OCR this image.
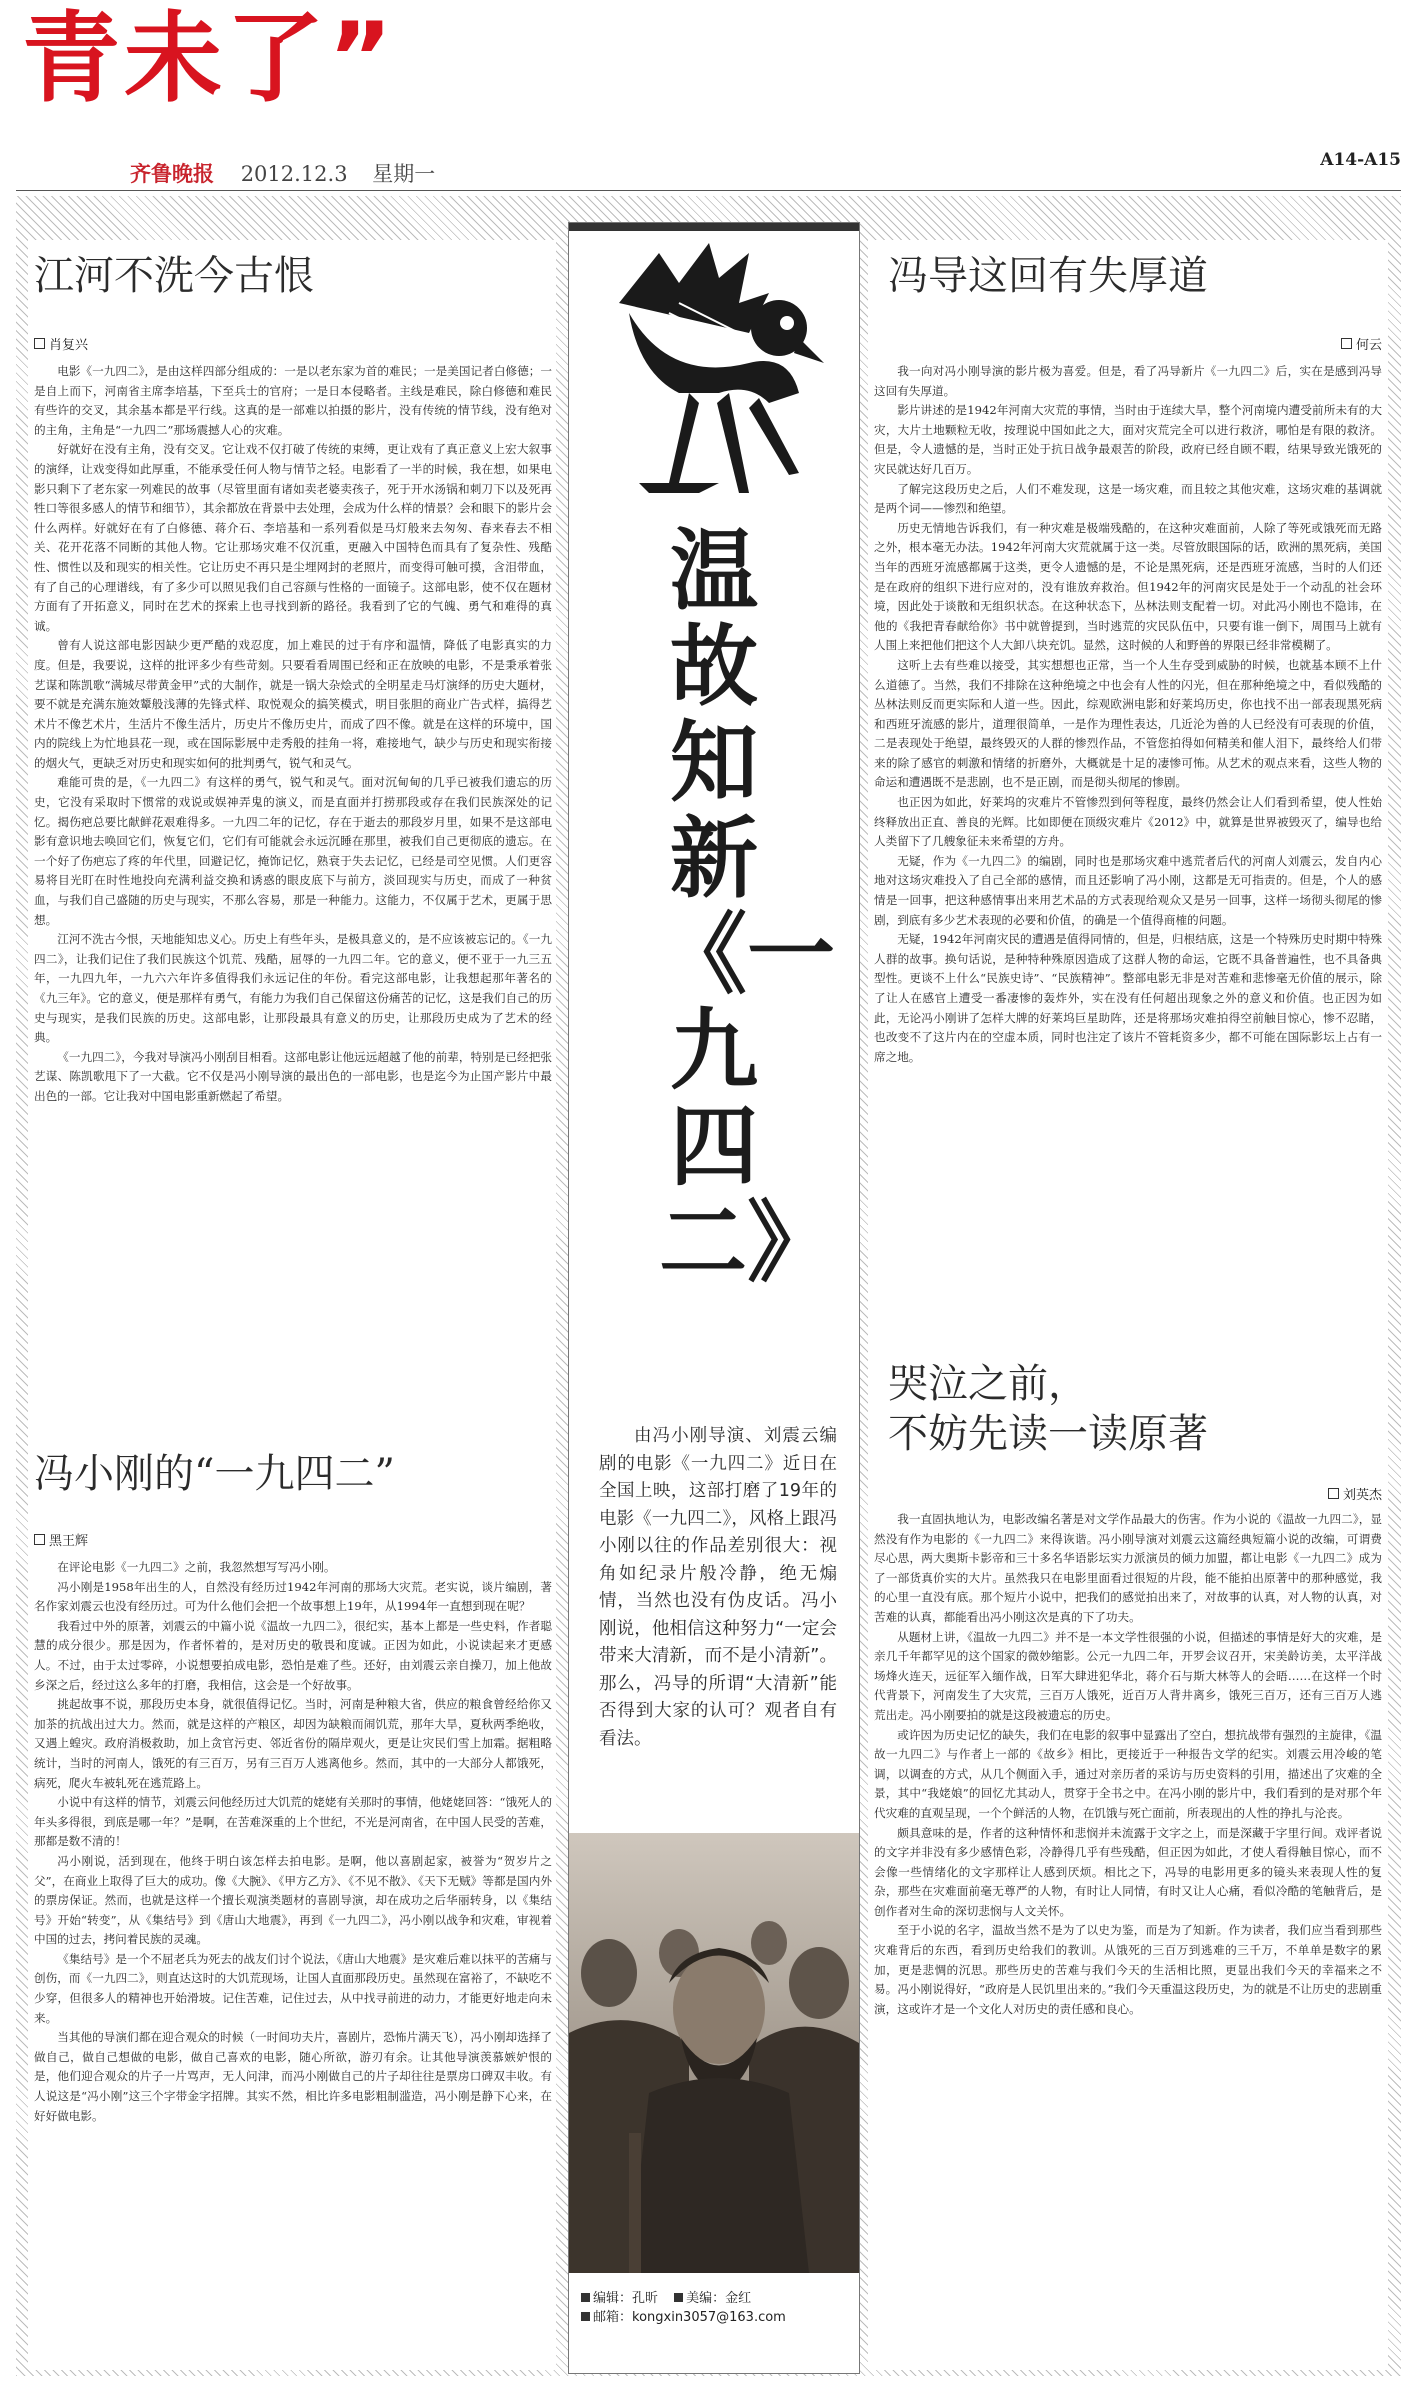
青未了”
齐鲁晚报 2012.12.3 星期一
A14-A15
江河不洗今古恨
肖复兴

电影《一九四二》，是由这样四部分组成的：一是以老东家为首的难民；一是美国记者白修德；一是自上而下，河南省主席李培基，下至兵士的官府；一是日本侵略者。主线是难民，除白修德和难民有些许的交叉，其余基本都是平行线。这真的是一部难以拍摄的影片，没有传统的情节线，没有绝对的主角，主角是“一九四二”那场震撼人心的灾难。

好就好在没有主角，没有交叉。它让戏不仅打破了传统的束缚，更让戏有了真正意义上宏大叙事的演绎，让戏变得如此厚重，不能承受任何人物与情节之轻。电影看了一半的时候，我在想，如果电影只剩下了老东家一列难民的故事（尽管里面有诸如卖老婆卖孩子，死于开水汤锅和刺刀下以及死再牲口等很多感人的情节和细节），其余都放在背景中去处理，会成为什么样的情景？会和眼下的影片会什么两样。好就好在有了白修德、蒋介石、李培基和一系列看似是马灯般来去匆匆、春来春去不相关、花开花落不同断的其他人物。它让那场灾难不仅沉重，更融入中国特色而具有了复杂性、残酷性、惯性以及和现实的相关性。它让历史不再只是尘埋网封的老照片，而变得可触可摸，含泪带血，有了自己的心理谱线，有了多少可以照见我们自己容颜与性格的一面镜子。这部电影，使不仅在题材方面有了开拓意义，同时在艺术的探索上也寻找到新的路径。我看到了它的气魄、勇气和难得的真诚。

曾有人说这部电影因缺少更严酷的戏忍度，加上难民的过于有序和温情，降低了电影真实的力度。但是，我要说，这样的批评多少有些苛刻。只要看看周围已经和正在放映的电影，不是秉承着张艺谋和陈凯歌“满城尽带黄金甲”式的大制作，就是一锅大杂烩式的全明星走马灯演绎的历史大题材，要不就是充满东施效颦般浅薄的先锋式样、取悦观众的搞笑模式，明目张胆的商业广告式样，搞得艺术片不像艺术片，生活片不像生活片，历史片不像历史片，而成了四不像。就是在这样的环境中，国内的院线上为忙地县花一现，或在国际影展中走秀般的挂角一将，难接地气，缺少与历史和现实衔接的烟火气，更缺乏对历史和现实如何的批判勇气，锐气和灵气。

难能可贵的是，《一九四二》有这样的勇气，锐气和灵气。面对沉甸甸的几乎已被我们遗忘的历史，它没有采取时下惯常的戏说或娱神弄鬼的演义，而是直面并打捞那段或存在我们民族深处的记忆。揭伤疤总要比献鲜花艰难得多。一九四二年的记忆，存在于逝去的那段岁月里，如果不是这部电影有意识地去唤回它们，恢复它们，它们有可能就会永远沉睡在那里，被我们自己更彻底的遗忘。在一个好了伤疤忘了疼的年代里，回避记忆，掩饰记忆，熟衰于失去记忆，已经是司空见惯。人们更容易将目光盯在时性地投向充满利益交换和诱惑的眼皮底下与前方，淡回现实与历史，而成了一种贫血，与我们自己盛随的历史与现实，不那么容易，那是一种能力。这能力，不仅属于艺术，更属于思想。

江河不洗古今恨，天地能知忠义心。历史上有些年头，是极具意义的，是不应该被忘记的。《一九四二》，让我们记住了我们民族这个饥荒、残酷，屈辱的一九四二年。它的意义，便不亚于一九三五年，一九四九年，一九六六年许多值得我们永远记住的年份。看完这部电影，让我想起那年著名的《九三年》。它的意义，便是那样有勇气，有能力为我们自己保留这份痛苦的记忆，这是我们自己的历史与现实，是我们民族的历史。这部电影，让那段最具有意义的历史，让那段历史成为了艺术的经典。

《一九四二》，今我对导演冯小刚刮目相看。这部电影让他远远超越了他的前辈，特别是已经把张艺谋、陈凯歌甩下了一大截。它不仅是冯小刚导演的最出色的一部电影，也是迄今为止国产影片中最出色的一部。它让我对中国电影重新燃起了希望。

冯小刚的“一九四二”
黑王辉

在评论电影《一九四二》之前，我忽然想写写冯小刚。

冯小刚是1958年出生的人，自然没有经历过1942年河南的那场大灾荒。老实说，谈片编剧，著名作家刘震云也没有经历过。可为什么他们会把一个故事想上19年，从1994年一直想到现在呢？

我看过中外的原著，刘震云的中篇小说《温故一九四二》，很纪实，基本上都是一些史料，作者聪慧的成分很少。那是因为，作者怀着的，是对历史的敬畏和度诚。正因为如此，小说读起来才更感人。不过，由于太过零碎，小说想要拍成电影，恐怕是难了些。还好，由刘震云亲自操刀，加上他故乡深之后，经过这么多年的打磨，我相信，这会是一个好故事。

挑起故事不说，那段历史本身，就很值得记忆。当时，河南是种粮大省，供应的粮食曾经给你又加茶的抗战出过大力。然而，就是这样的产粮区，却因为缺粮而闹饥荒，那年大旱，夏秋两季绝收，又遇上蝗灾。政府消极救助，加上贪官污吏、邻近省份的隔岸观火，更是让灾民们雪上加霜。据粗略统计，当时的河南人，饿死的有三百万，另有三百万人逃离他乡。然而，其中的一大部分人都饿死，病死，爬火车被轧死在逃荒路上。

小说中有这样的情节，刘震云问他经历过大饥荒的姥姥有关那时的事情，他姥姥回答：“饿死人的年头多得很，到底是哪一年？”是啊，在苦难深重的上个世纪，不光是河南省，在中国人民受的苦难，那都是数不清的！

冯小刚说，活到现在，他终于明白该怎样去拍电影。是啊，他以喜剧起家，被誉为“贺岁片之父”，在商业上取得了巨大的成功。像《大腕》、《甲方乙方》、《不见不散》、《天下无贼》等都是国内外的票房保证。然而，也就是这样一个擅长观演类题材的喜剧导演，却在成功之后华丽转身，以《集结号》开始“转变”，从《集结号》到《唐山大地震》，再到《一九四二》，冯小刚以战争和灾难，审视着中国的过去，拷问着民族的灵魂。

《集结号》是一个不屈老兵为死去的战友们讨个说法，《唐山大地震》是灾难后难以抹平的苦痛与创伤，而《一九四二》，则直达这时的大饥荒现场，让国人直面那段历史。虽然现在富裕了，不缺吃不少穿，但很多人的精神也开始滑坡。记住苦难，记住过去，从中找寻前进的动力，才能更好地走向未来。

当其他的导演们都在迎合观众的时候（一时间功夫片，喜剧片，恐怖片满天飞），冯小刚却选择了做自己，做自己想做的电影，做自己喜欢的电影，随心所欲，游刃有余。让其他导演羡慕嫉妒恨的是，他们迎合观众的片子一片骂声，无人问津，而冯小刚做自己的片子却往往是票房口碑双丰收。有人说这是“冯小刚”这三个字带金字招牌。其实不然，相比许多电影粗制滥造，冯小刚是静下心来，在好好做电影。

温故知新《一九四二》
由冯小刚导演、刘震云编剧的电影《一九四二》近日在全国上映，这部打磨了19年的电影《一九四二》，风格上跟冯小刚以往的作品差别很大：视角如纪录片般冷静，绝无煽情，当然也没有伪皮话。冯小刚说，他相信这种努力“一定会带来大清新，而不是小清新”。那么，冯导的所谓“大清新”能否得到大家的认可？观者自有看法。
编辑：孔昕 美编：金红
邮箱：kongxin3057@163.com
冯导这回有失厚道
何云

我一向对冯小刚导演的影片极为喜爱。但是，看了冯导新片《一九四二》后，实在是感到冯导这回有失厚道。

影片讲述的是1942年河南大灾荒的事情，当时由于连续大旱，整个河南境内遭受前所未有的大灾，大片土地颗粒无收，按理说中国如此之大，面对灾荒完全可以进行救济，哪怕是有限的救济。但是，令人遗憾的是，当时正处于抗日战争最艰苦的阶段，政府已经自顾不暇，结果导致光饿死的灾民就达好几百万。

了解完这段历史之后，人们不难发现，这是一场灾难，而且较之其他灾难，这场灾难的基调就是两个词——惨烈和绝望。

历史无情地告诉我们，有一种灾难是极端残酷的，在这种灾难面前，人除了等死或饿死而无路之外，根本毫无办法。1942年河南大灾荒就属于这一类。尽管放眼国际的话，欧洲的黑死病，美国当年的西班牙流感都属于这类，更令人遗憾的是，不论是黑死病，还是西班牙流感，当时的人们还是在政府的组织下进行应对的，没有谁放弃救治。但1942年的河南灾民是处于一个动乱的社会环境，因此处于谈散和无组织状态。在这种状态下，丛林法则支配着一切。对此冯小刚也不隐讳，在他的《我把青春献给你》书中就曾提到，当时逃荒的灾民队伍中，只要有谁一倒下，周围马上就有人围上来把他们把这个人大卸八块充饥。显然，这时候的人和野兽的界限已经非常模糊了。

这听上去有些难以接受，其实想想也正常，当一个人生存受到威胁的时候，也就基本顾不上什么道德了。当然，我们不排除在这种绝境之中也会有人性的闪光，但在那种绝境之中，看似残酷的丛林法则反而更实际和人道一些。因此，综观欧洲电影和好莱坞历史，你也找不出一部表现黑死病和西班牙流感的影片，道理很简单，一是作为理性表达，几近沦为兽的人已经没有可表现的价值，二是表现处于绝望，最终毁灭的人群的惨烈作品，不管您拍得如何精美和催人泪下，最终给人们带来的除了感官的刺激和情绪的折磨外，大概就是十足的凄惨可怖。从艺术的观点来看，这些人物的命运和遭遇既不是悲剧，也不是正剧，而是彻头彻尾的惨剧。

也正因为如此，好莱坞的灾难片不管惨烈到何等程度，最终仍然会让人们看到希望，使人性始终释放出正直、善良的光辉。比如即便在顶级灾难片《2012》中，就算是世界被毁灭了，编导也给人类留下了几艘象征未来希望的方舟。

无疑，作为《一九四二》的编剧，同时也是那场灾难中逃荒者后代的河南人刘震云，发自内心地对这场灾难投入了自己全部的感情，而且还影响了冯小刚，这都是无可指责的。但是，个人的感情是一回事，把这种感情事出来用艺术品的方式表现给观众又是另一回事，这样一场彻头彻尾的惨剧，到底有多少艺术表现的必要和价值，的确是一个值得商榷的问题。

无疑，1942年河南灾民的遭遇是值得同情的，但是，归根结底，这是一个特殊历史时期中特殊人群的故事。换句话说，是种特种殊原因造成了这群人物的命运，它既不具备普遍性，也不具备典型性。更谈不上什么“民族史诗”、“民族精神”。整部电影无非是对苦难和悲惨毫无价值的展示，除了让人在感官上遭受一番凄惨的轰炸外，实在没有任何超出现象之外的意义和价值。也正因为如此，无论冯小刚讲了怎样大牌的好莱坞巨星助阵，还是将那场灾难拍得空前触目惊心，惨不忍睹，也改变不了这片内在的空虚本质，同时也注定了该片不管耗资多少，都不可能在国际影坛上占有一席之地。

哭泣之前，
不妨先读一读原著
刘英杰

我一直固执地认为，电影改编名著是对文学作品最大的伤害。作为小说的《温故一九四二》，显然没有作为电影的《一九四二》来得诙谐。冯小刚导演对刘震云这篇经典短篇小说的改编，可谓费尽心思，两大奥斯卡影帝和三十多名华语影坛实力派演员的倾力加盟，都让电影《一九四二》成为了一部货真价实的大片。虽然我只在电影里面看过很短的片段，能不能拍出原著中的那种感觉，我的心里一直没有底。那个短片小说中，把我们的感觉拍出来了，对故事的认真，对人物的认真，对苦难的认真，都能看出冯小刚这次是真的下了功夫。

从题材上讲，《温故一九四二》并不是一本文学性很强的小说，但描述的事情是好大的灾难，是亲几千年都罕见的这个国家的微妙缩影。公元一九四二年，开罗会议召开，宋美龄访美，太平洋战场烽火连天，远征军入缅作战，日军大肆进犯华北，蒋介石与斯大林等人的会晤……在这样一个时代背景下，河南发生了大灾荒，三百万人饿死，近百万人背井离乡，饿死三百万，还有三百万人逃荒出走。冯小刚要拍的就是这段被遗忘的历史。

或许因为历史记忆的缺失，我们在电影的叙事中显露出了空白，想抗战带有强烈的主旋律，《温故一九四二》与作者上一部的《故乡》相比，更接近于一种报告文学的纪实。刘震云用冷峻的笔调，以调查的方式，从几个侧面入手，通过对亲历者的采访与历史资料的引用，描述出了灾难的全景，其中“我姥娘”的回忆尤其动人，贯穿于全书之中。在冯小刚的影片中，我们看到的是对那个年代灾难的直观呈现，一个个鲜活的人物，在饥饿与死亡面前，所表现出的人性的挣扎与沦丧。

颇具意味的是，作者的这种情怀和悲悯并未流露于文字之上，而是深藏于字里行间。戏评者说的文字并非没有多少感情色彩，冷静得几乎有些残酷，但正因为如此，才使人看得触目惊心，而不会像一些情绪化的文字那样让人感到厌烦。相比之下，冯导的电影用更多的镜头来表现人性的复杂，那些在灾难面前毫无尊严的人物，有时让人同情，有时又让人心痛，看似冷酷的笔触背后，是创作者对生命的深切悲悯与人文关怀。

至于小说的名字，温故当然不是为了以史为鉴，而是为了知新。作为读者，我们应当看到那些灾难背后的东西，看到历史给我们的教训。从饿死的三百万到逃难的三千万，不单单是数字的累加，更是悲惆的沉思。那些历史的苦难与我们今天的生活相比照，更显出我们今天的幸福来之不易。冯小刚说得好，“政府是人民饥里出来的。”我们今天重温这段历史，为的就是不让历史的悲剧重演，这或许才是一个文化人对历史的责任感和良心。
